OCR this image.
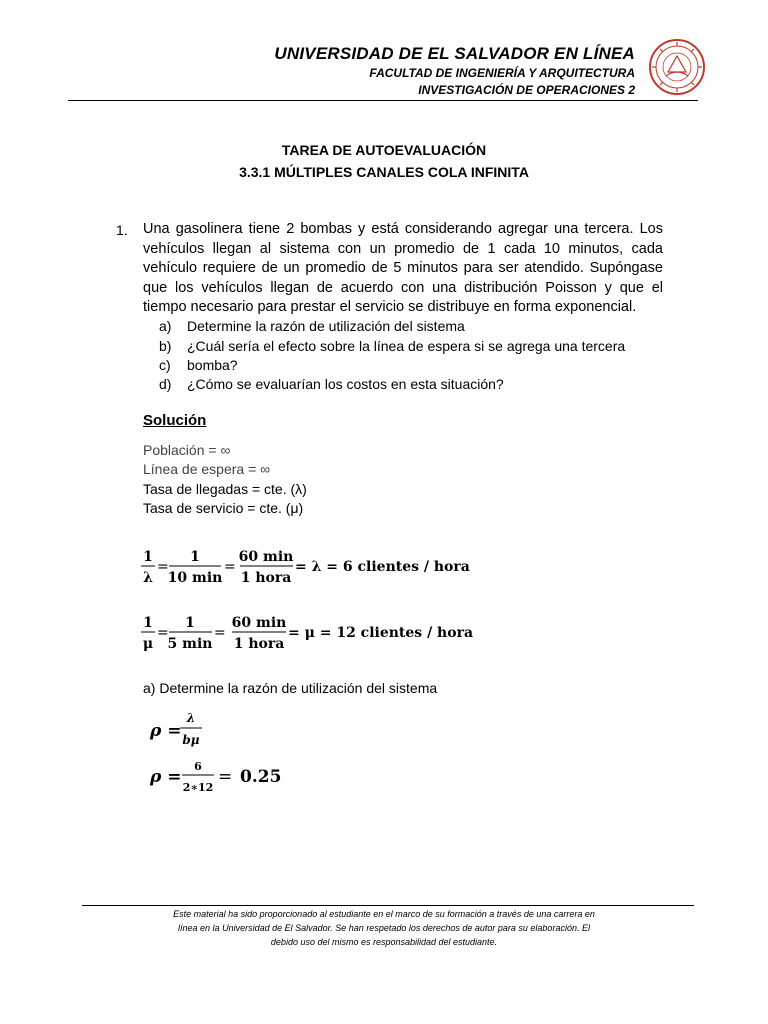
UNIVERSIDAD DE EL SALVADOR EN LÍNEA
FACULTAD DE INGENIERÍA Y ARQUITECTURA
INVESTIGACIÓN DE OPERACIONES 2
TAREA DE AUTOEVALUACIÓN
3.3.1 MÚLTIPLES CANALES COLA INFINITA
1. Una gasolinera tiene 2 bombas y está considerando agregar una tercera. Los vehículos llegan al sistema con un promedio de 1 cada 10 minutos, cada vehículo requiere de un promedio de 5 minutos para ser atendido. Supóngase que los vehículos llegan de acuerdo con una distribución Poisson y que el tiempo necesario para prestar el servicio se distribuye en forma exponencial.
a) Determine la razón de utilización del sistema
b) ¿Cuál sería el efecto sobre la línea de espera si se agrega una tercera
c) bomba?
d) ¿Cómo se evaluarían los costos en esta situación?
Solución
Población = ∞
Línea de espera = ∞
Tasa de llegadas = cte. (λ)
Tasa de servicio = cte. (μ)
1
λ
=
1
10 min
=
60 min
1 hora
= λ = 6 clientes / hora
1
μ
=
1
5 min
=
60 min
1 hora
= μ = 12 clientes / hora
a) Determine la razón de utilización del sistema
ρ =
λ
bμ
ρ =
6
2∗12
= 0.25
Este material ha sido proporcionado al estudiante en el marco de su formación a través de una carrera en
línea en la Universidad de El Salvador. Se han respetado los derechos de autor para su elaboración. El
debido uso del mismo es responsabilidad del estudiante.
